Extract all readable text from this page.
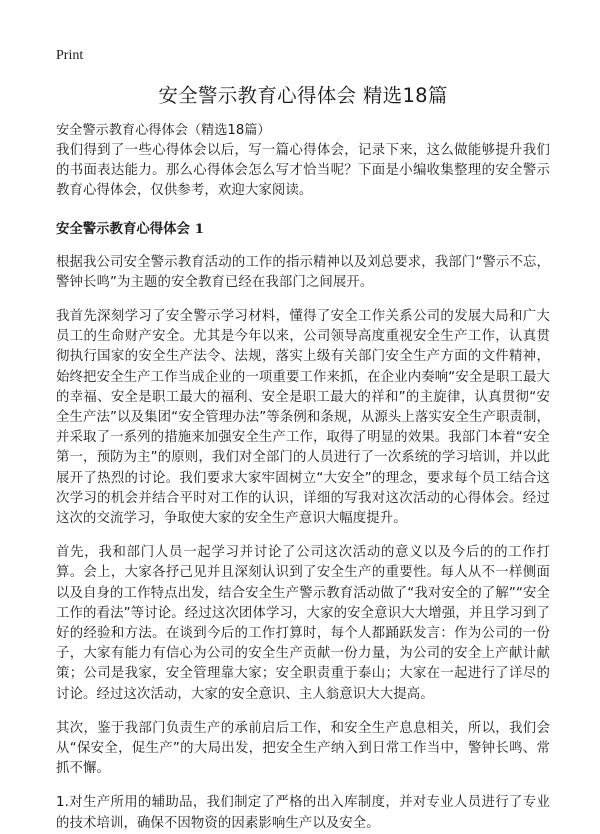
Print
安全警示教育心得体会 精选18篇
安全警示教育心得体会（精选18篇）

我们得到了一些心得体会以后，写一篇心得体会，记录下来，这么做能够提升我们的书面表达能力。那么心得体会怎么写才恰当呢？下面是小编收集整理的安全警示教育心得体会，仅供参考，欢迎大家阅读。

安全警示教育心得体会 1

根据我公司安全警示教育活动的工作的指示精神以及刘总要求，我部门“警示不忘，警钟长鸣”为主题的安全教育已经在我部门之间展开。

我首先深刻学习了安全警示学习材料，懂得了安全工作关系公司的发展大局和广大员工的生命财产安全。尤其是今年以来，公司领导高度重视安全生产工作，认真贯彻执行国家的安全生产法令、法规，落实上级有关部门安全生产方面的文件精神，始终把安全生产工作当成企业的一项重要工作来抓，在企业内奏响“安全是职工最大的幸福、安全是职工最大的福利、安全是职工最大的祥和”的主旋律，认真贯彻“安全生产法”以及集团“安全管理办法”等条例和条规，从源头上落实安全生产职责制，并采取了一系列的措施来加强安全生产工作，取得了明显的效果。我部门本着“安全第一，预防为主”的原则，我们对全部门的人员进行了一次系统的学习培训，并以此展开了热烈的讨论。我们要求大家牢固树立“大安全”的理念，要求每个员工结合这次学习的机会并结合平时对工作的认识，详细的写我对这次活动的心得体会。经过这次的交流学习，争取使大家的安全生产意识大幅度提升。

首先，我和部门人员一起学习并讨论了公司这次活动的意义以及今后的的工作打算。会上，大家各抒己见并且深刻认识到了安全生产的重要性。每人从不一样侧面以及自身的工作特点出发，结合安全生产警示教育活动做了“我对安全的了解”“安全工作的看法”等讨论。经过这次团体学习，大家的安全意识大大增强，并且学习到了好的经验和方法。在谈到今后的工作打算时，每个人都踊跃发言：作为公司的一份子，大家有能力有信心为公司的安全生产贡献一份力量，为公司的安全上产献计献策；公司是我家，安全管理靠大家；安全职责重于泰山；大家在一起进行了详尽的讨论。经过这次活动，大家的安全意识、主人翁意识大大提高。

其次，鉴于我部门负责生产的承前启后工作，和安全生产息息相关，所以，我们会从“保安全，促生产”的大局出发，把安全生产纳入到日常工作当中，警钟长鸣、常抓不懈。

1.对生产所用的辅助品，我们制定了严格的出入库制度，并对专业人员进行了专业的技术培训，确保不因物资的因素影响生产以及安全。
